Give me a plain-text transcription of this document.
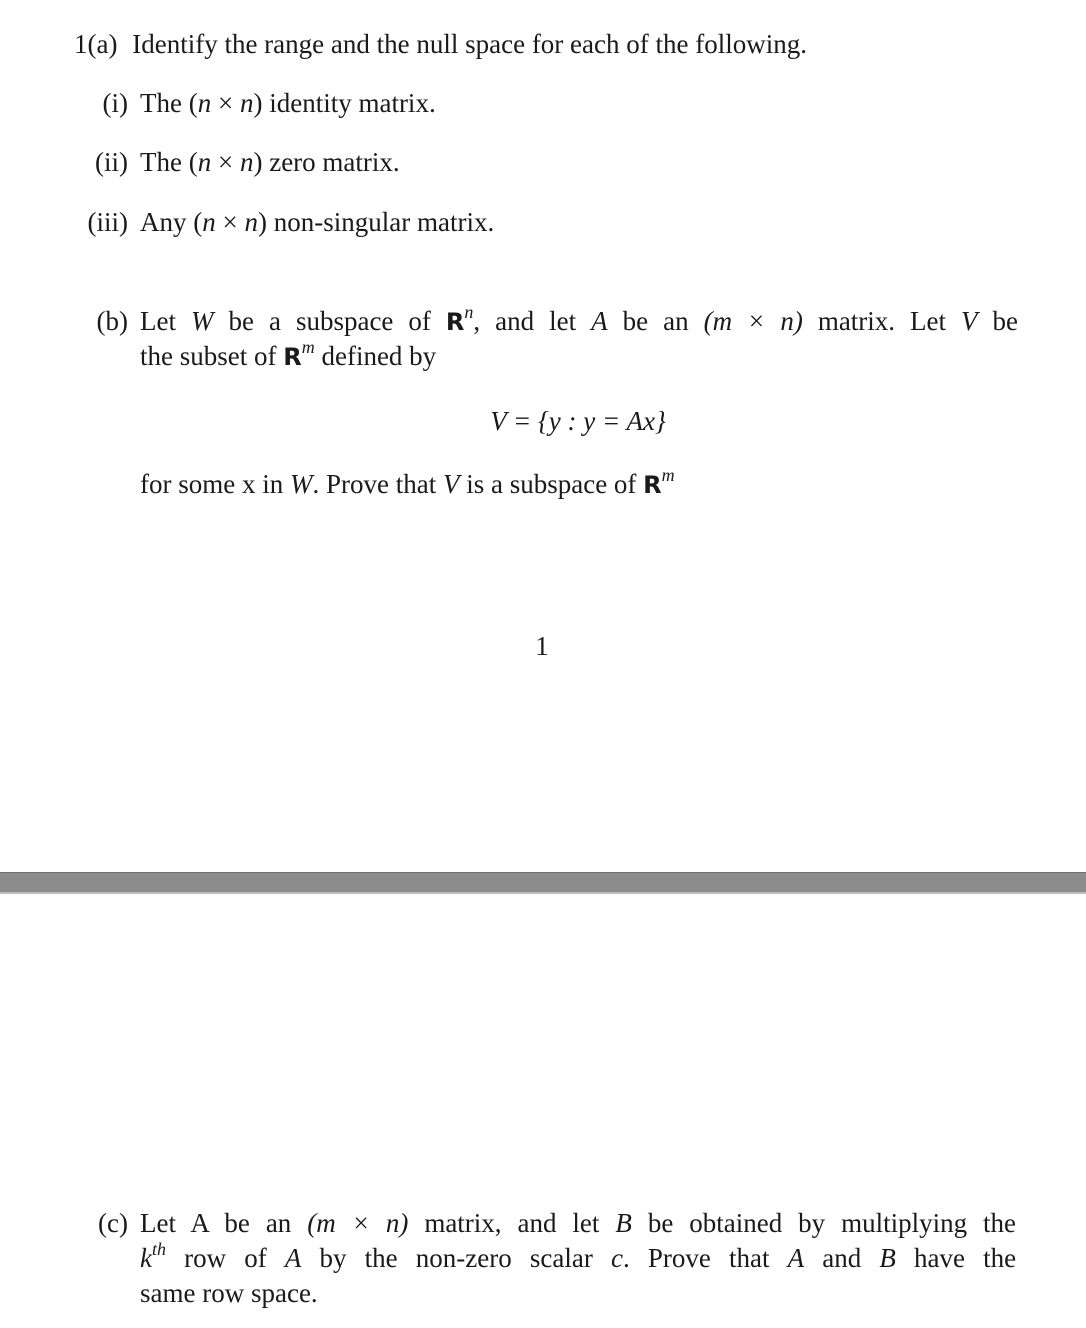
1(a) Identify the range and the null space for each of the following.
(i) The (n × n) identity matrix.
(ii) The (n × n) zero matrix.
(iii) Any (n × n) non-singular matrix.
(b) Let W be a subspace of $R^n$, and let A be an (m × n) matrix. Let V be
the subset of $R^m$ defined by
V = {y : y = Ax}
for some x in W. Prove that V is a subspace of $R^m$
1
(c) Let A be an (m × n) matrix, and let B be obtained by multiplying the
$k^{th}$ row of A by the non-zero scalar c. Prove that A and B have the
same row space.
